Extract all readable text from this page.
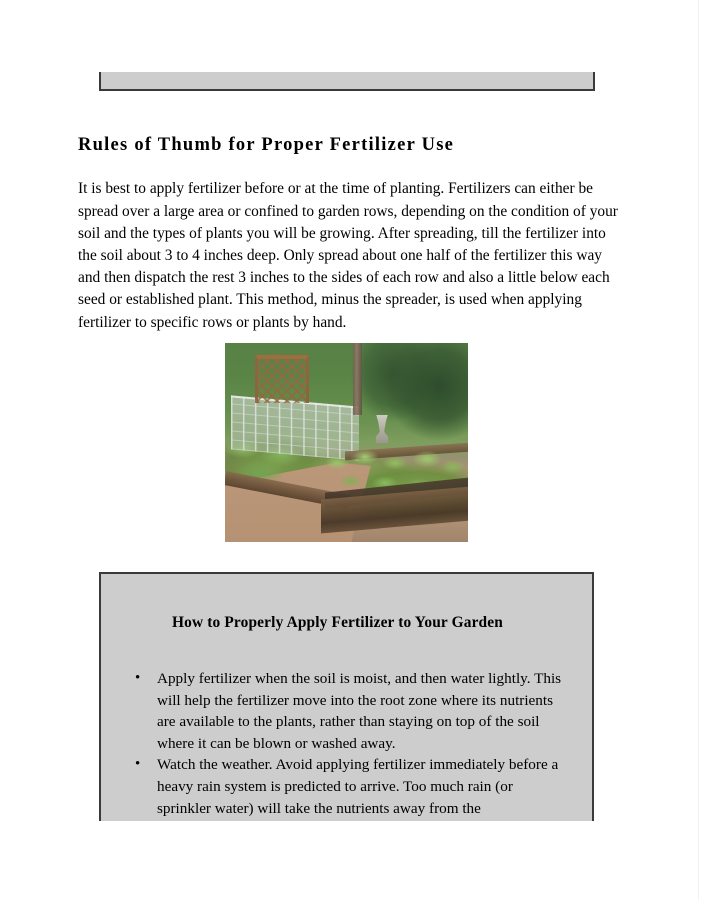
Rules of Thumb for Proper Fertilizer Use

It is best to apply fertilizer before or at the time of planting. Fertilizers can either be spread over a large area or confined to garden rows, depending on the condition of your soil and the types of plants you will be growing. After spreading, till the fertilizer into the soil about 3 to 4 inches deep. Only spread about one half of the fertilizer this way and then dispatch the rest 3 inches to the sides of each row and also a little below each seed or established plant. This method, minus the spreader, is used when applying fertilizer to specific rows or plants by hand.

How to Properly Apply Fertilizer to Your Garden
• Apply fertilizer when the soil is moist, and then water lightly. This will help the fertilizer move into the root zone where its nutrients are available to the plants, rather than staying on top of the soil where it can be blown or washed away.
• Watch the weather. Avoid applying fertilizer immediately before a heavy rain system is predicted to arrive. Too much rain (or sprinkler water) will take the nutrients away from the
